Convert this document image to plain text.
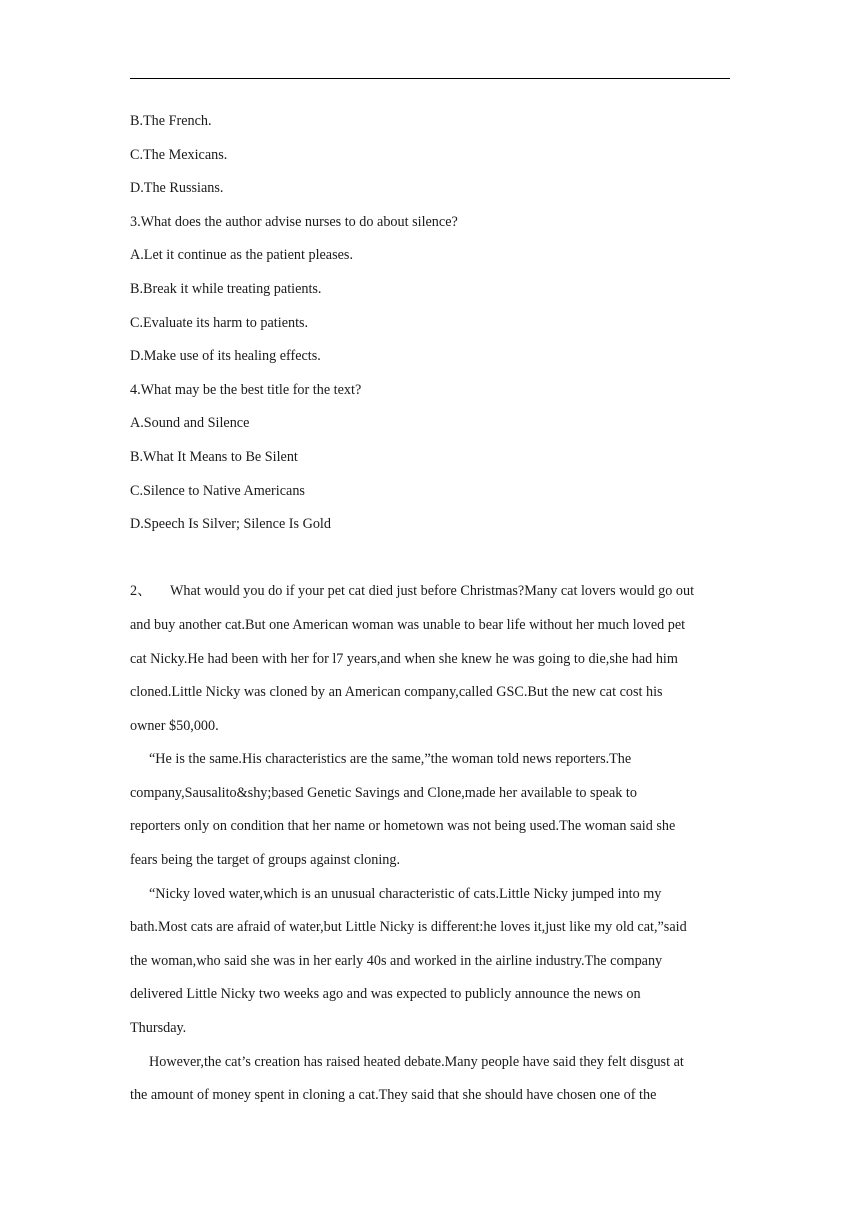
B.The French.
C.The Mexicans.
D.The Russians.
3.What does the author advise nurses to do about silence?
A.Let it continue as the patient pleases.
B.Break it while treating patients.
C.Evaluate its harm to patients.
D.Make use of its healing effects.
4.What may be the best title for the text?
A.Sound and Silence
B.What It Means to Be Silent
C.Silence to Native Americans
D.Speech Is Silver; Silence Is Gold
2、 What would you do if your pet cat died just before Christmas?Many cat lovers would go out
and buy another cat.But one American woman was unable to bear life without her much loved pet
cat Nicky.He had been with her for l7 years,and when she knew he was going to die,she had him
cloned.Little Nicky was cloned by an American company,called GSC.But the new cat cost his
owner $50,000.
“He is the same.His characteristics are the same,”the woman told news reporters.The
company,Sausalito&shy;based Genetic Savings and Clone,made her available to speak to
reporters only on condition that her name or hometown was not being used.The woman said she
fears being the target of groups against cloning.
“Nicky loved water,which is an unusual characteristic of cats.Little Nicky jumped into my
bath.Most cats are afraid of water,but Little Nicky is different:he loves it,just like my old cat,”said
the woman,who said she was in her early 40s and worked in the airline industry.The company
delivered Little Nicky two weeks ago and was expected to publicly announce the news on
Thursday.
However,the cat’s creation has raised heated debate.Many people have said they felt disgust at
the amount of money spent in cloning a cat.They said that she should have chosen one of the
